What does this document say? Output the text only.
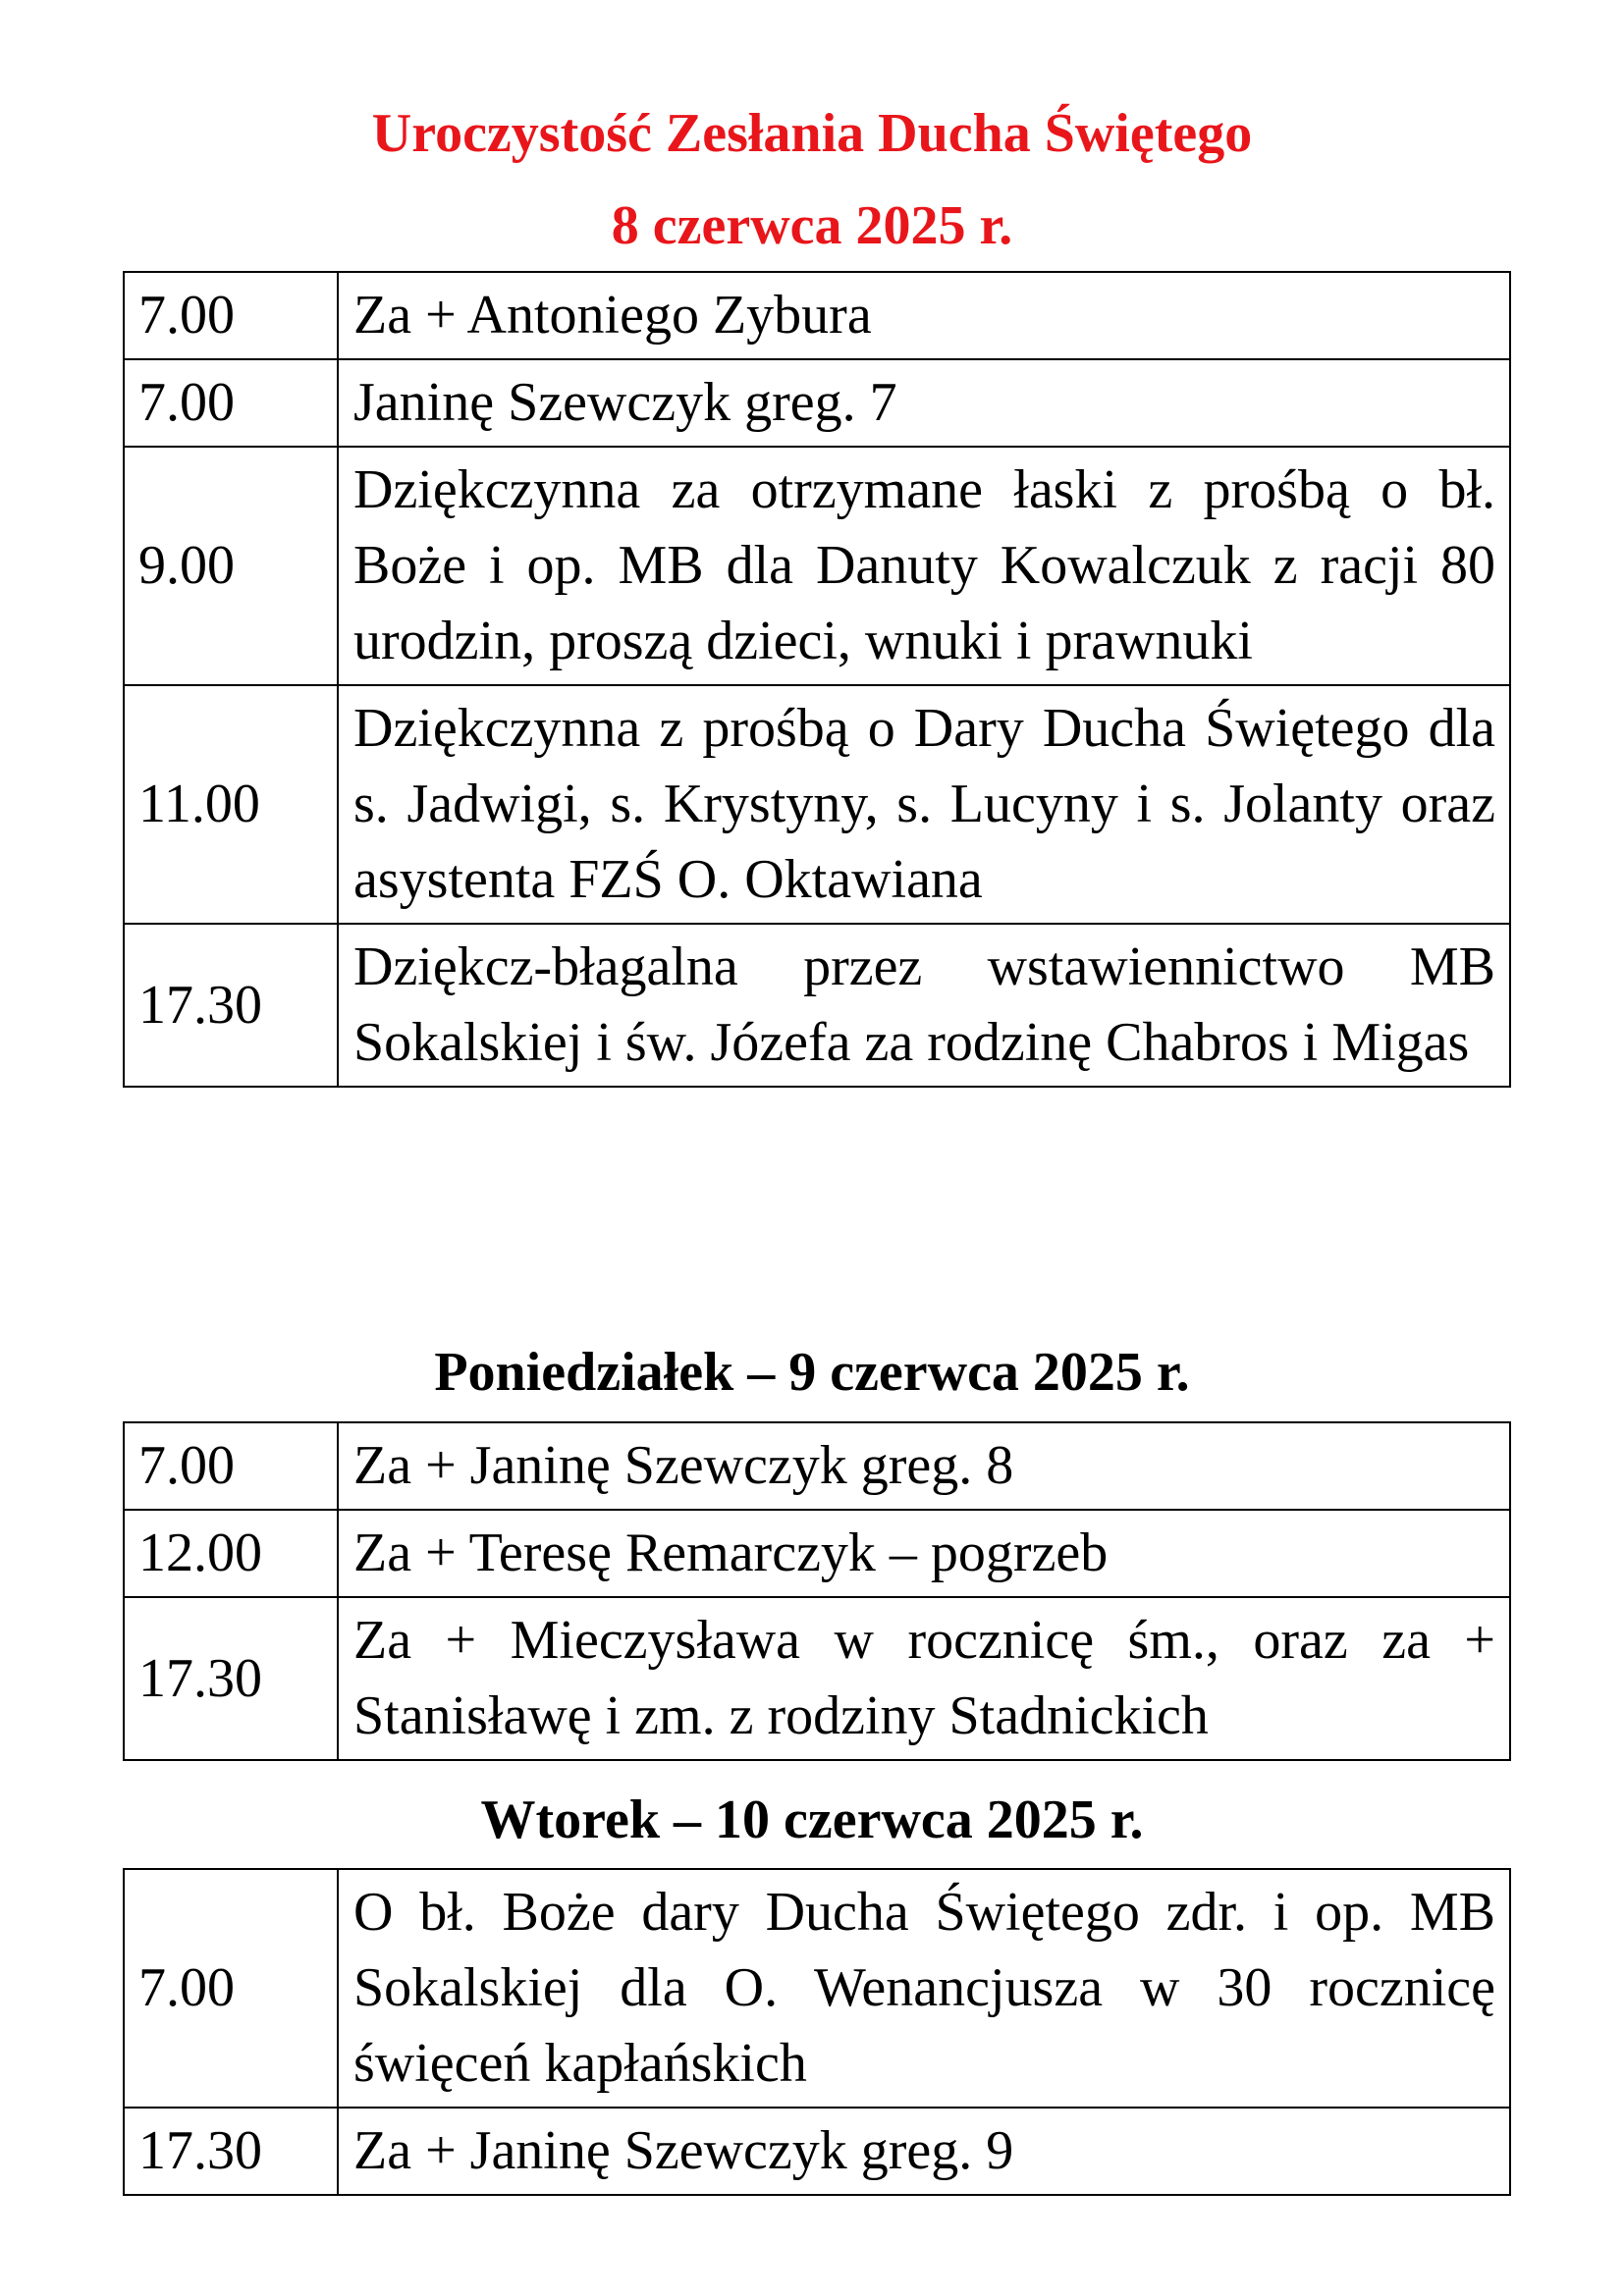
Uroczystość Zesłania Ducha Świętego
8 czerwca 2025 r.
7.00	Za + Antoniego Zybura
7.00	Janinę Szewczyk greg. 7
9.00	Dziękczynna za otrzymane łaski z prośbą o bł. Boże i op. MB dla Danuty Kowalczuk z racji 80 urodzin, proszą dzieci, wnuki i prawnuki
11.00	Dziękczynna z prośbą o Dary Ducha Świętego dla s. Jadwigi, s. Krystyny, s. Lucyny i s. Jolanty oraz asystenta FZŚ O. Oktawiana
17.30	Dziękcz-błagalna przez wstawiennictwo MB Sokalskiej i św. Józefa za rodzinę Chabros i Migas
Poniedziałek – 9 czerwca 2025 r.
7.00	Za + Janinę Szewczyk greg. 8
12.00	Za + Teresę Remarczyk – pogrzeb
17.30	Za + Mieczysława w rocznicę śm., oraz za + Stanisławę i zm. z rodziny Stadnickich
Wtorek – 10 czerwca 2025 r.
7.00	O bł. Boże dary Ducha Świętego zdr. i op. MB Sokalskiej dla O. Wenancjusza w 30 rocznicę święceń kapłańskich
17.30	Za + Janinę Szewczyk greg. 9
